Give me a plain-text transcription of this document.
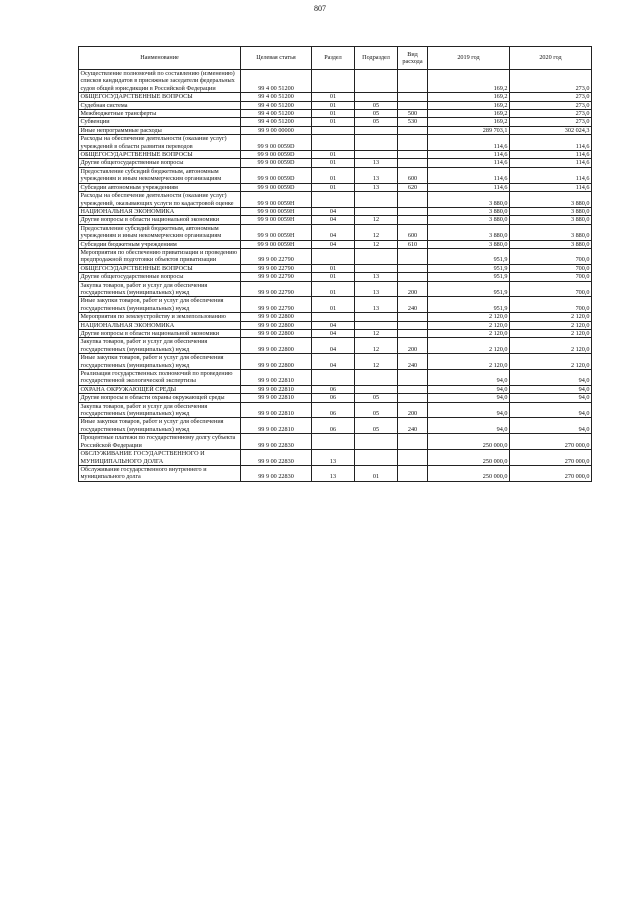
807
Наименование	Целевая статья	Раздел	Подраздел	Вид расхода	2019 год	2020 год
Осуществление полномочий по составлению (изменению) списков кандидатов в присяжные заседатели федеральных судов общей юрисдикции в Российской Федерации	99 4 00 51200				169,2	273,0
ОБЩЕГОСУДАРСТВЕННЫЕ ВОПРОСЫ	99 4 00 51200	01			169,2	273,0
Судебная система	99 4 00 51200	01	05		169,2	273,0
Межбюджетные трансферты	99 4 00 51200	01	05	500	169,2	273,0
Субвенции	99 4 00 51200	01	05	530	169,2	273,0
Иные непрограммные расходы	99 9 00 00000				289 703,1	302 024,3
Расходы на обеспечение деятельности (оказание услуг) учреждений в области развития переводов	99 9 00 0059D				114,6	114,6
ОБЩЕГОСУДАРСТВЕННЫЕ ВОПРОСЫ	99 9 00 0059D	01			114,6	114,6
Другие общегосударственные вопросы	99 9 00 0059D	01	13		114,6	114,6
Предоставление субсидий бюджетным, автономным учреждениям и иным некоммерческим организациям	99 9 00 0059D	01	13	600	114,6	114,6
Субсидии автономным учреждениям	99 9 00 0059D	01	13	620	114,6	114,6
Расходы на обеспечение деятельности (оказание услуг) учреждений, оказывающих услуги по кадастровой оценке	99 9 00 0059H				3 880,0	3 880,0
НАЦИОНАЛЬНАЯ ЭКОНОМИКА	99 9 00 0059H	04			3 880,0	3 880,0
Другие вопросы в области национальной экономики	99 9 00 0059H	04	12		3 880,0	3 880,0
Предоставление субсидий бюджетным, автономным учреждениям и иным некоммерческим организациям	99 9 00 0059H	04	12	600	3 880,0	3 880,0
Субсидии бюджетным учреждениям	99 9 00 0059H	04	12	610	3 880,0	3 880,0
Мероприятия по обеспечению приватизации и проведению предпродажной подготовки объектов приватизации	99 9 00 22790				951,9	700,0
ОБЩЕГОСУДАРСТВЕННЫЕ ВОПРОСЫ	99 9 00 22790	01			951,9	700,0
Другие общегосударственные вопросы	99 9 00 22790	01	13		951,9	700,0
Закупка товаров, работ и услуг для обеспечения государственных (муниципальных) нужд	99 9 00 22790	01	13	200	951,9	700,0
Иные закупки товаров, работ и услуг для обеспечения государственных (муниципальных) нужд	99 9 00 22790	01	13	240	951,9	700,0
Мероприятия по землеустройству и землепользованию	99 9 00 22800				2 120,0	2 120,0
НАЦИОНАЛЬНАЯ ЭКОНОМИКА	99 9 00 22800	04			2 120,0	2 120,0
Другие вопросы в области национальной экономики	99 9 00 22800	04	12		2 120,0	2 120,0
Закупка товаров, работ и услуг для обеспечения государственных (муниципальных) нужд	99 9 00 22800	04	12	200	2 120,0	2 120,0
Иные закупки товаров, работ и услуг для обеспечения государственных (муниципальных) нужд	99 9 00 22800	04	12	240	2 120,0	2 120,0
Реализация государственных полномочий по проведению государственной экологической экспертизы	99 9 00 22810				94,0	94,0
ОХРАНА ОКРУЖАЮЩЕЙ СРЕДЫ	99 9 00 22810	06			94,0	94,0
Другие вопросы в области охраны окружающей среды	99 9 00 22810	06	05		94,0	94,0
Закупка товаров, работ и услуг для обеспечения государственных (муниципальных) нужд	99 9 00 22810	06	05	200	94,0	94,0
Иные закупки товаров, работ и услуг для обеспечения государственных (муниципальных) нужд	99 9 00 22810	06	05	240	94,0	94,0
Процентные платежи по государственному долгу субъекта Российской Федерации	99 9 00 22830				250 000,0	270 000,0
ОБСЛУЖИВАНИЕ ГОСУДАРСТВЕННОГО И МУНИЦИПАЛЬНОГО ДОЛГА	99 9 00 22830	13			250 000,0	270 000,0
Обслуживание государственного внутреннего и муниципального долга	99 9 00 22830	13	01		250 000,0	270 000,0
